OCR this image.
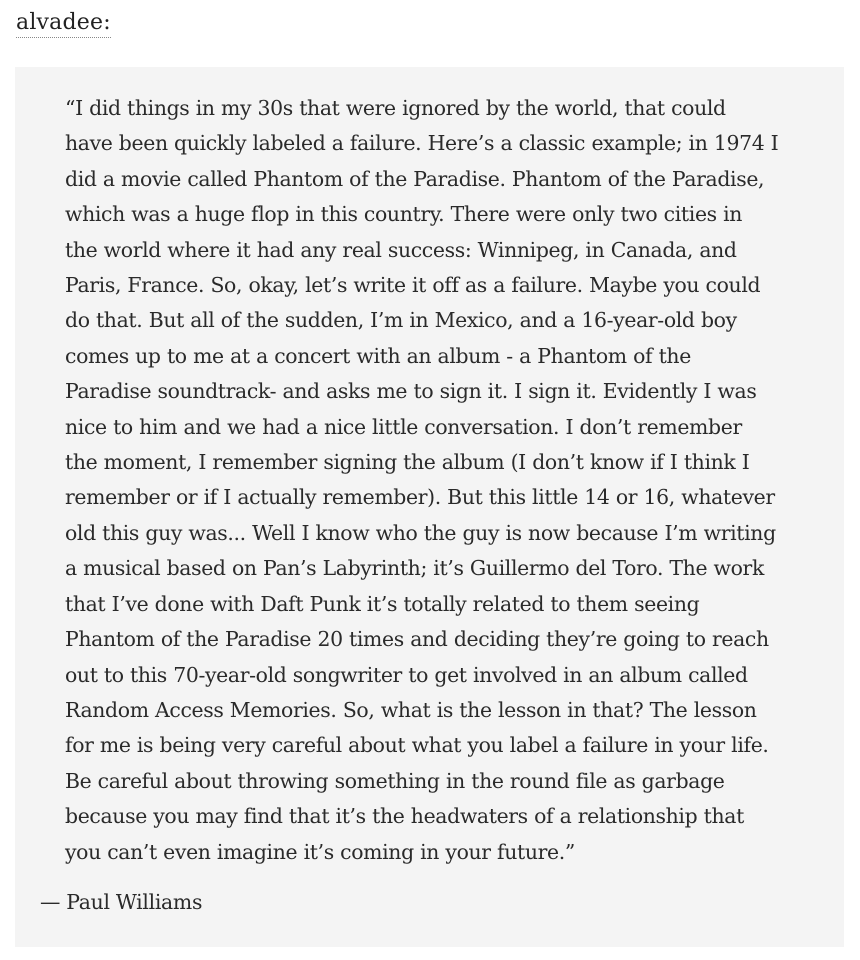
alvadee :

“I did things in my 30s that were ignored by the world, that could
have been quickly labeled a failure. Here’s a classic example; in 1974 I
did a movie called Phantom of the Paradise. Phantom of the Paradise,
which was a huge flop in this country. There were only two cities in
the world where it had any real success: Winnipeg, in Canada, and
Paris, France. So, okay, let’s write it off as a failure. Maybe you could
do that. But all of the sudden, I’m in Mexico, and a 16-year-old boy
comes up to me at a concert with an album - a Phantom of the
Paradise soundtrack- and asks me to sign it. I sign it. Evidently I was
nice to him and we had a nice little conversation. I don’t remember
the moment, I remember signing the album (I don’t know if I think I
remember or if I actually remember). But this little 14 or 16, whatever
old this guy was... Well I know who the guy is now because I’m writing
a musical based on Pan’s Labyrinth; it’s Guillermo del Toro. The work
that I’ve done with Daft Punk it’s totally related to them seeing
Phantom of the Paradise 20 times and deciding they’re going to reach
out to this 70-year-old songwriter to get involved in an album called
Random Access Memories. So, what is the lesson in that? The lesson
for me is being very careful about what you label a failure in your life.
Be careful about throwing something in the round file as garbage
because you may find that it’s the headwaters of a relationship that
you can’t even imagine it’s coming in your future.”

— Paul Williams
